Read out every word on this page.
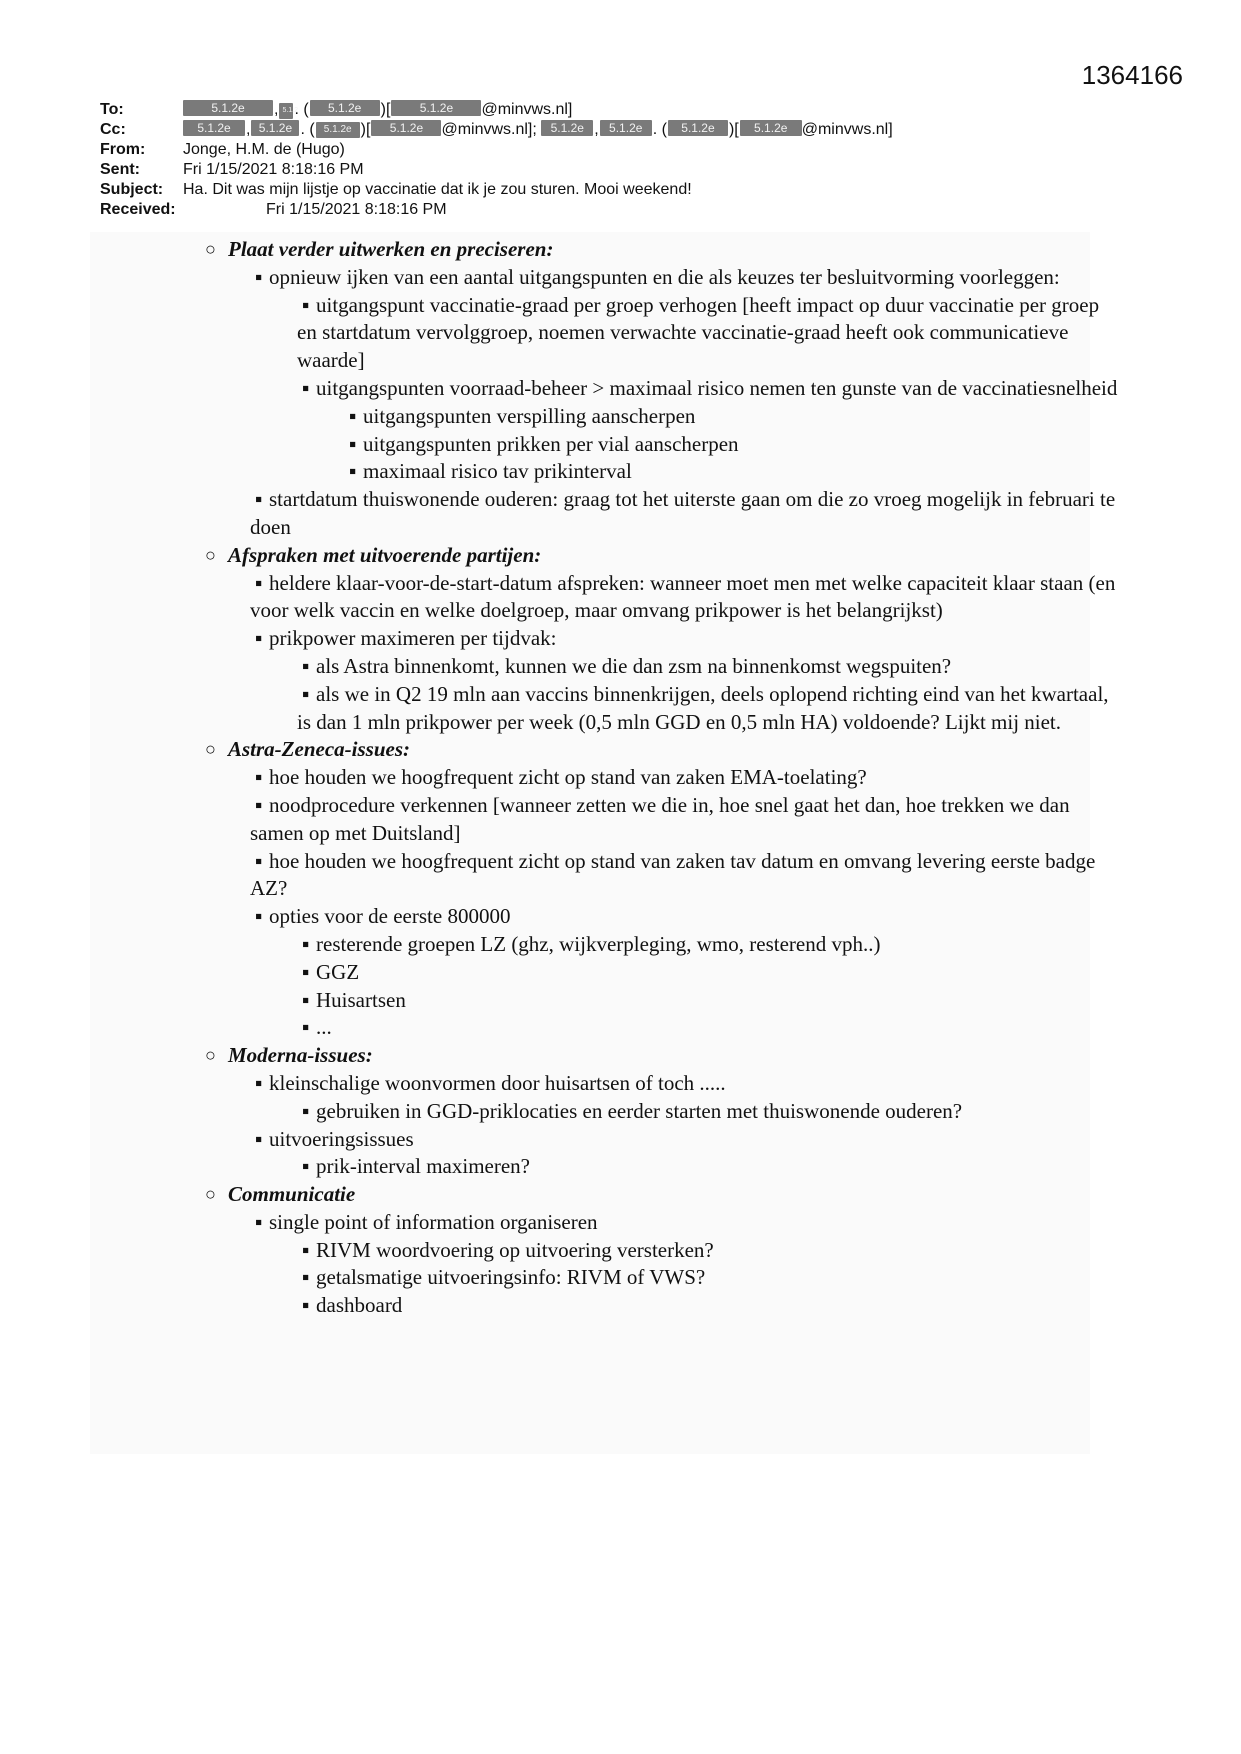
1364166
To:	5.1.2e , 5.1.2. ( 5.1.2e )[ 5.1.2e @minvws.nl]
Cc:	5.1.2e , 5.1.2e . ( 5.1.2e )[ 5.1.2e @minvws.nl]; 5.1.2e , 5.1.2e . ( 5.1.2e )[ 5.1.2e @minvws.nl]
From: Jonge, H.M. de (Hugo)
Sent:	Fri 1/15/2021 8:18:16 PM
Subject: Ha. Dit was mijn lijstje op vaccinatie dat ik je zou sturen. Mooi weekend!
Received:	Fri 1/15/2021 8:18:16 PM
○ Plaat verder uitwerken en preciseren:
▪ opnieuw ijken van een aantal uitgangspunten en die als keuzes ter besluitvorming voorleggen:
▪ uitgangspunt vaccinatie-graad per groep verhogen [heeft impact op duur vaccinatie per groep en startdatum vervolggroep, noemen verwachte vaccinatie-graad heeft ook communicatieve waarde]
▪ uitgangspunten voorraad-beheer > maximaal risico nemen ten gunste van de vaccinatiesnelheid
▪ uitgangspunten verspilling aanscherpen
▪ uitgangspunten prikken per vial aanscherpen
▪ maximaal risico tav prikinterval
▪ startdatum thuiswonende ouderen: graag tot het uiterste gaan om die zo vroeg mogelijk in februari te doen
○ Afspraken met uitvoerende partijen:
▪ heldere klaar-voor-de-start-datum afspreken: wanneer moet men met welke capaciteit klaar staan (en voor welk vaccin en welke doelgroep, maar omvang prikpower is het belangrijkst)
▪ prikpower maximeren per tijdvak:
▪ als Astra binnenkomt, kunnen we die dan zsm na binnenkomst wegspuiten?
▪ als we in Q2 19 mln aan vaccins binnenkrijgen, deels oplopend richting eind van het kwartaal, is dan 1 mln prikpower per week (0,5 mln GGD en 0,5 mln HA) voldoende? Lijkt mij niet.
○ Astra-Zeneca-issues:
▪ hoe houden we hoogfrequent zicht op stand van zaken EMA-toelating?
▪ noodprocedure verkennen [wanneer zetten we die in, hoe snel gaat het dan, hoe trekken we dan samen op met Duitsland]
▪ hoe houden we hoogfrequent zicht op stand van zaken tav datum en omvang levering eerste badge AZ?
▪ opties voor de eerste 800000
▪ resterende groepen LZ (ghz, wijkverpleging, wmo, resterend vph..)
▪ GGZ
▪ Huisartsen
▪ ...
○ Moderna-issues:
▪ kleinschalige woonvormen door huisartsen of toch .....
▪ gebruiken in GGD-priklocaties en eerder starten met thuiswonende ouderen?
▪ uitvoeringsissues
▪ prik-interval maximeren?
○ Communicatie
▪ single point of information organiseren
▪ RIVM woordvoering op uitvoering versterken?
▪ getalsmatige uitvoeringsinfo: RIVM of VWS?
▪ dashboard
